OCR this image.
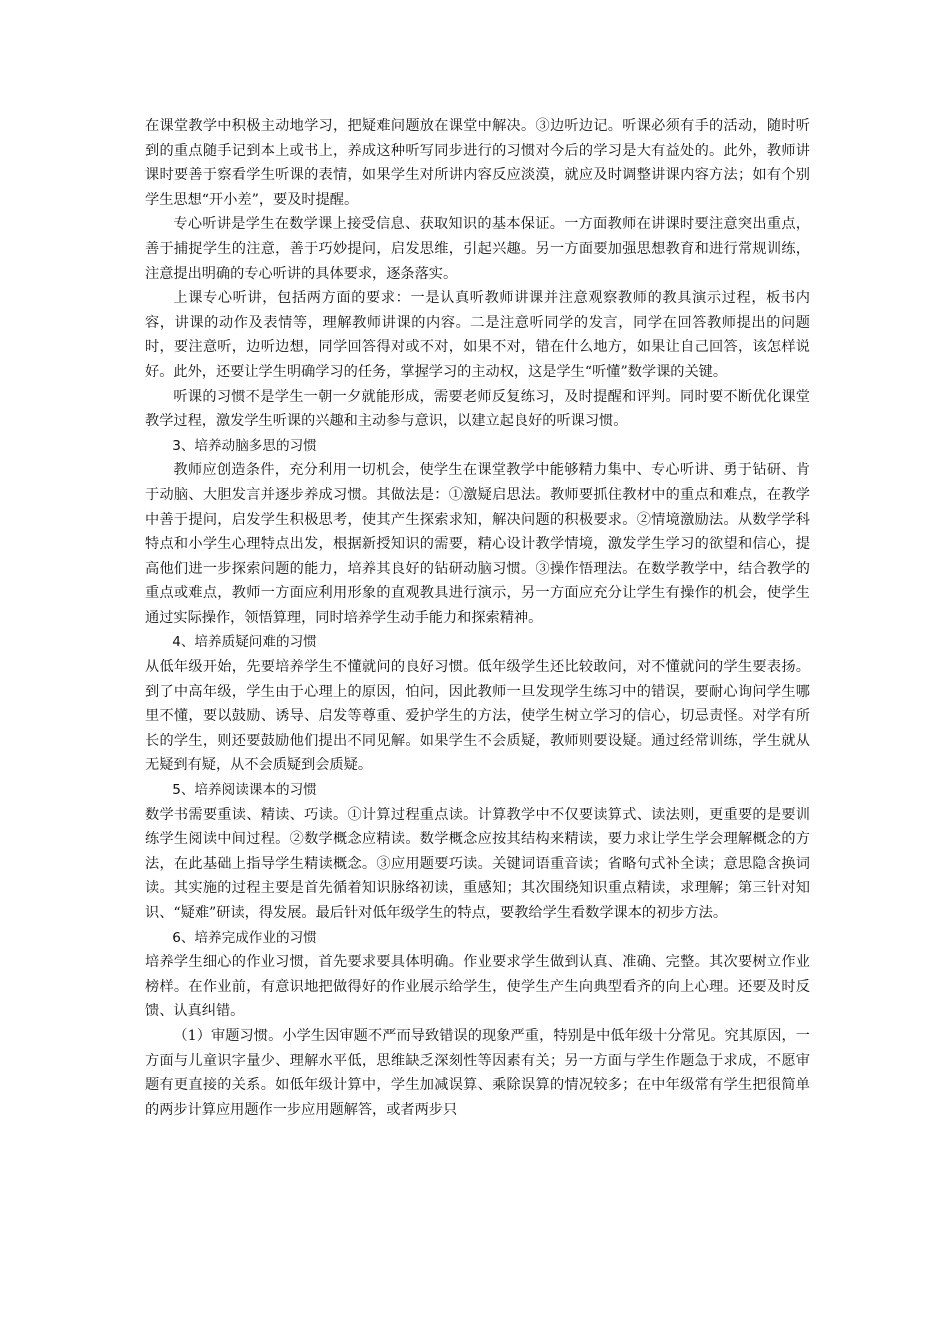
在课堂教学中积极主动地学习，把疑难问题放在课堂中解决。③边听边记。听课必须有手的活动，随时听到的重点随手记到本上或书上，养成这种听写同步进行的习惯对今后的学习是大有益处的。此外，教师讲课时要善于察看学生听课的表情，如果学生对所讲内容反应淡漠，就应及时调整讲课内容方法；如有个别学生思想“开小差”，要及时提醒。

专心听讲是学生在数学课上接受信息、获取知识的基本保证。一方面教师在讲课时要注意突出重点，善于捕捉学生的注意，善于巧妙提问，启发思维，引起兴趣。另一方面要加强思想教育和进行常规训练，注意提出明确的专心听讲的具体要求，逐条落实。

上课专心听讲，包括两方面的要求：一是认真听教师讲课并注意观察教师的教具演示过程，板书内容，讲课的动作及表情等，理解教师讲课的内容。二是注意听同学的发言，同学在回答教师提出的问题时，要注意听，边听边想，同学回答得对或不对，如果不对，错在什么地方，如果让自己回答，该怎样说好。此外，还要让学生明确学习的任务，掌握学习的主动权，这是学生“听懂”数学课的关键。

听课的习惯不是学生一朝一夕就能形成，需要老师反复练习，及时提醒和评判。同时要不断优化课堂教学过程，激发学生听课的兴趣和主动参与意识，以建立起良好的听课习惯。

3、培养动脑多思的习惯

教师应创造条件，充分利用一切机会，使学生在课堂教学中能够精力集中、专心听讲、勇于钻研、肯于动脑、大胆发言并逐步养成习惯。其做法是：①激疑启思法。教师要抓住教材中的重点和难点，在教学中善于提问，启发学生积极思考，使其产生探索求知，解决问题的积极要求。②情境激励法。从数学学科特点和小学生心理特点出发，根据新授知识的需要，精心设计教学情境，激发学生学习的欲望和信心，提高他们进一步探索问题的能力，培养其良好的钻研动脑习惯。③操作悟理法。在数学教学中，结合教学的重点或难点，教师一方面应利用形象的直观教具进行演示，另一方面应充分让学生有操作的机会，使学生通过实际操作，领悟算理，同时培养学生动手能力和探索精神。

4、培养质疑问难的习惯

从低年级开始，先要培养学生不懂就问的良好习惯。低年级学生还比较敢问，对不懂就问的学生要表扬。到了中高年级，学生由于心理上的原因，怕问，因此教师一旦发现学生练习中的错误，要耐心询问学生哪里不懂，要以鼓励、诱导、启发等尊重、爱护学生的方法，使学生树立学习的信心，切忌责怪。对学有所长的学生，则还要鼓励他们提出不同见解。如果学生不会质疑，教师则要设疑。通过经常训练，学生就从无疑到有疑，从不会质疑到会质疑。

5、培养阅读课本的习惯

数学书需要重读、精读、巧读。①计算过程重点读。计算教学中不仅要读算式、读法则，更重要的是要训练学生阅读中间过程。②数学概念应精读。数学概念应按其结构来精读，要力求让学生学会理解概念的方法，在此基础上指导学生精读概念。③应用题要巧读。关键词语重音读；省略句式补全读；意思隐含换词读。其实施的过程主要是首先循着知识脉络初读，重感知；其次围绕知识重点精读，求理解；第三针对知识、“疑难”研读，得发展。最后针对低年级学生的特点，要教给学生看数学课本的初步方法。

6、培养完成作业的习惯

培养学生细心的作业习惯，首先要求要具体明确。作业要求学生做到认真、准确、完整。其次要树立作业榜样。在作业前，有意识地把做得好的作业展示给学生，使学生产生向典型看齐的向上心理。还要及时反馈、认真纠错。

（1）审题习惯。小学生因审题不严而导致错误的现象严重，特别是中低年级十分常见。究其原因，一方面与儿童识字量少、理解水平低，思维缺乏深刻性等因素有关；另一方面与学生作题急于求成，不愿审题有更直接的关系。如低年级计算中，学生加减误算、乘除误算的情况较多；在中年级常有学生把很简单的两步计算应用题作一步应用题解答，或者两步只
